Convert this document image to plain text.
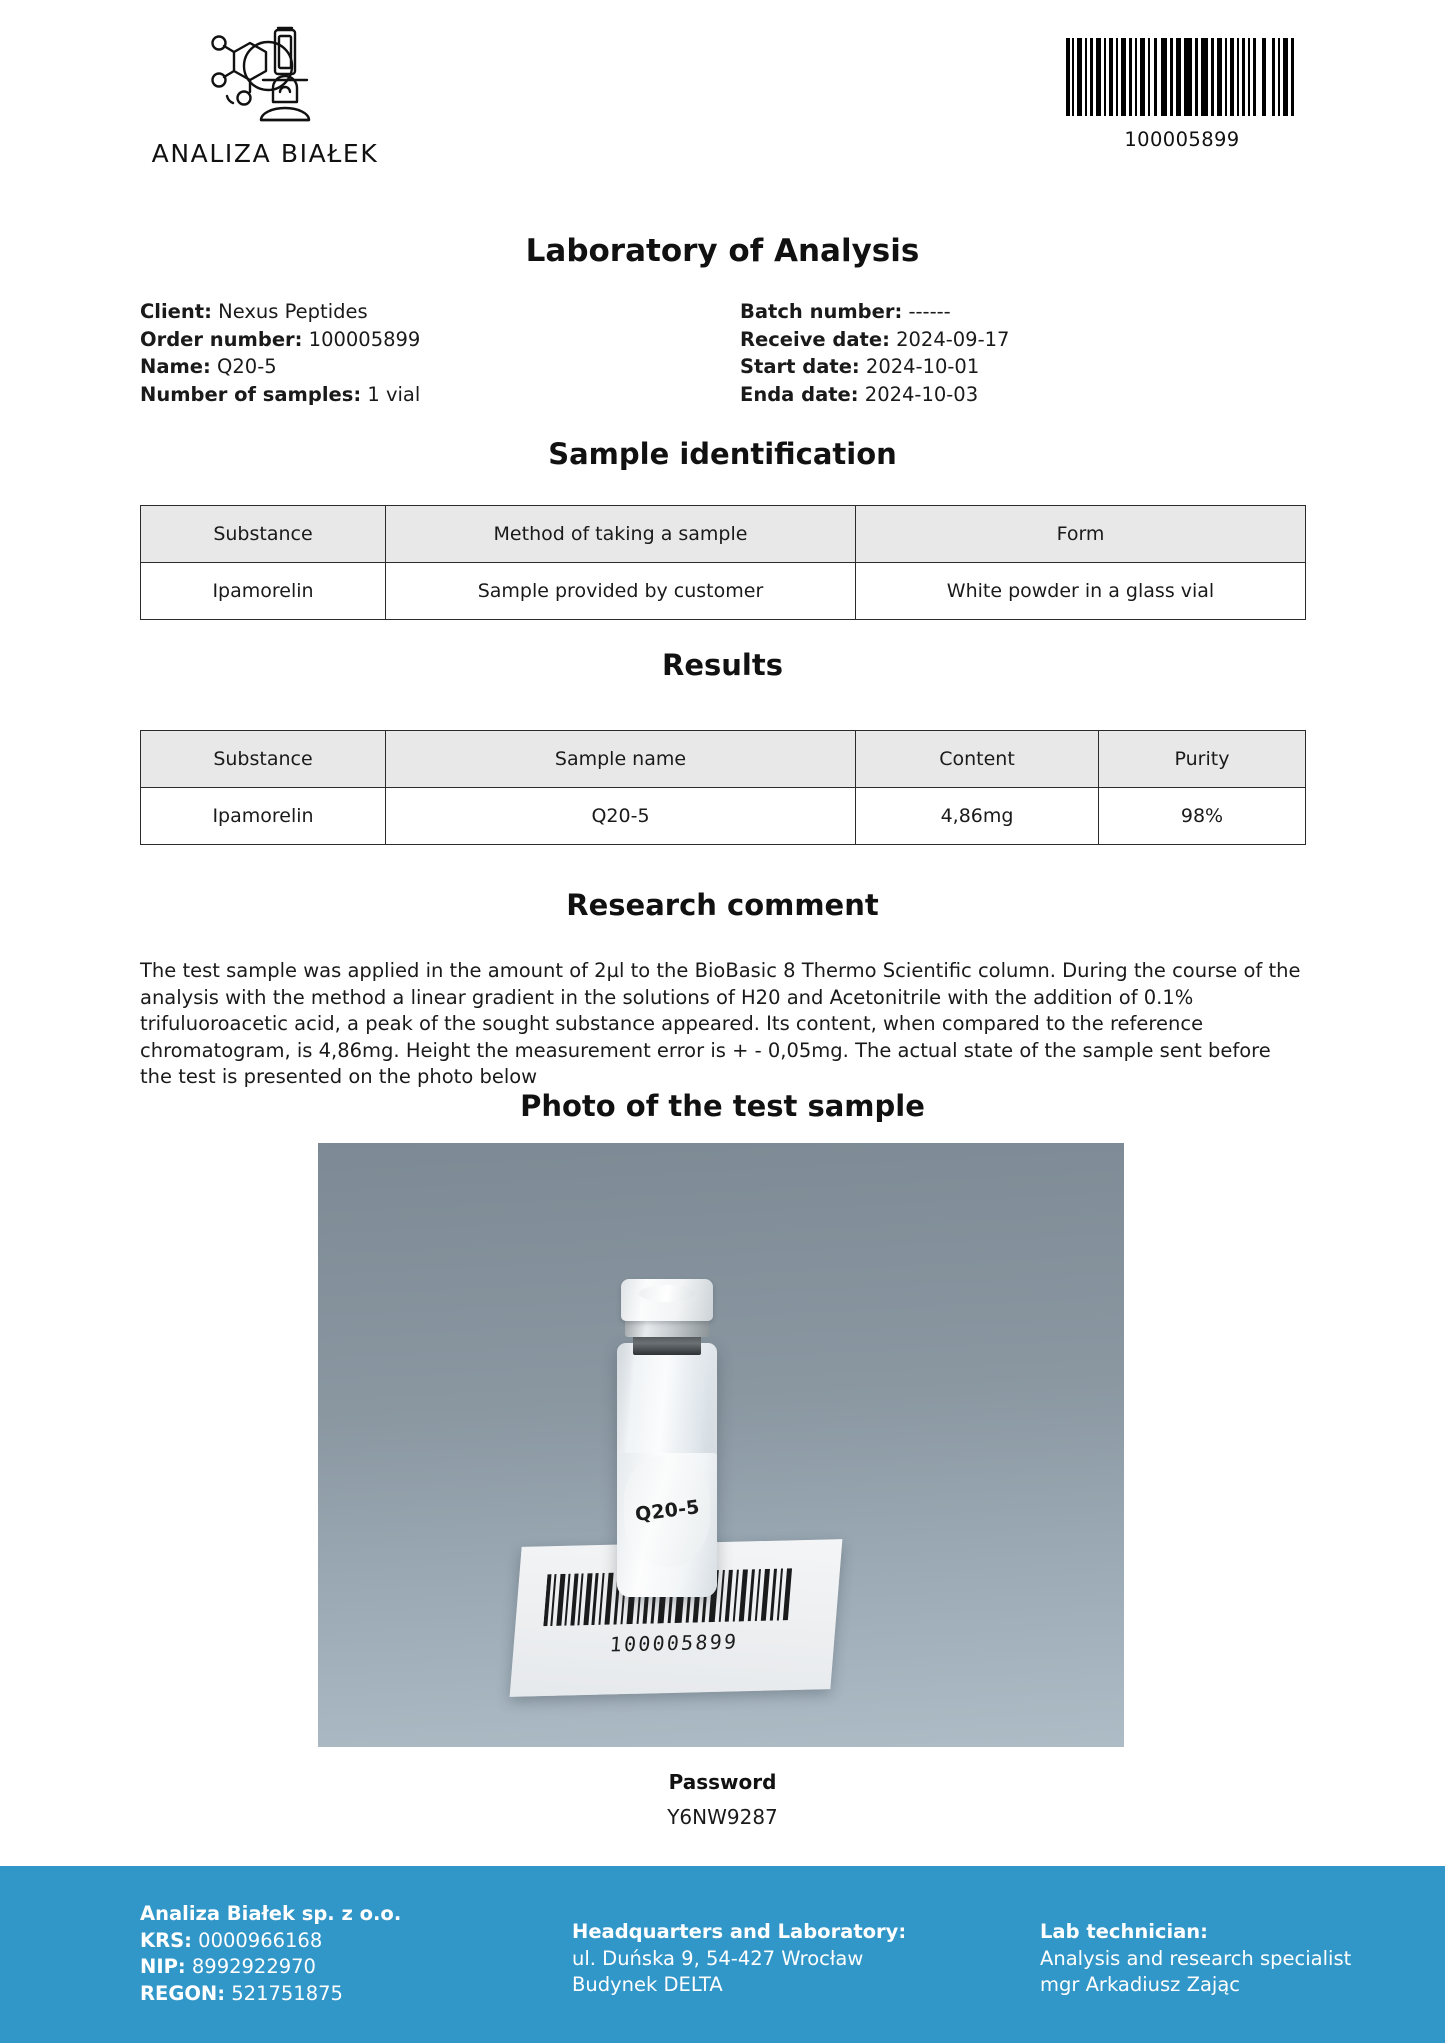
ANALIZA BIAŁEK	100005899
Laboratory of Analysis
Client: Nexus Peptides
Order number: 100005899
Name: Q20-5
Number of samples: 1 vial
Batch number: ------
Receive date: 2024-09-17
Start date: 2024-10-01
Enda date: 2024-10-03
Sample identification
Substance	Method of taking a sample	Form
Ipamorelin	Sample provided by customer	White powder in a glass vial
Results
Substance	Sample name	Content	Purity
Ipamorelin	Q20-5	4,86mg	98%
Research comment
The test sample was applied in the amount of 2µl to the BioBasic 8 Thermo Scientific column. During the course of the analysis with the method a linear gradient in the solutions of H20 and Acetonitrile with the addition of 0.1% trifuluoroacetic acid, a peak of the sought substance appeared. Its content, when compared to the reference chromatogram, is 4,86mg. Height the measurement error is + - 0,05mg. The actual state of the sample sent before the test is presented on the photo below
Photo of the test sample
100005899
Q20-5
Password
Y6NW9287
Analiza Białek sp. z o.o.
KRS: 0000966168
NIP: 8992922970
REGON: 521751875
Headquarters and Laboratory:
ul. Duńska 9, 54-427 Wrocław
Budynek DELTA
Lab technician:
Analysis and research specialist
mgr Arkadiusz Zając
